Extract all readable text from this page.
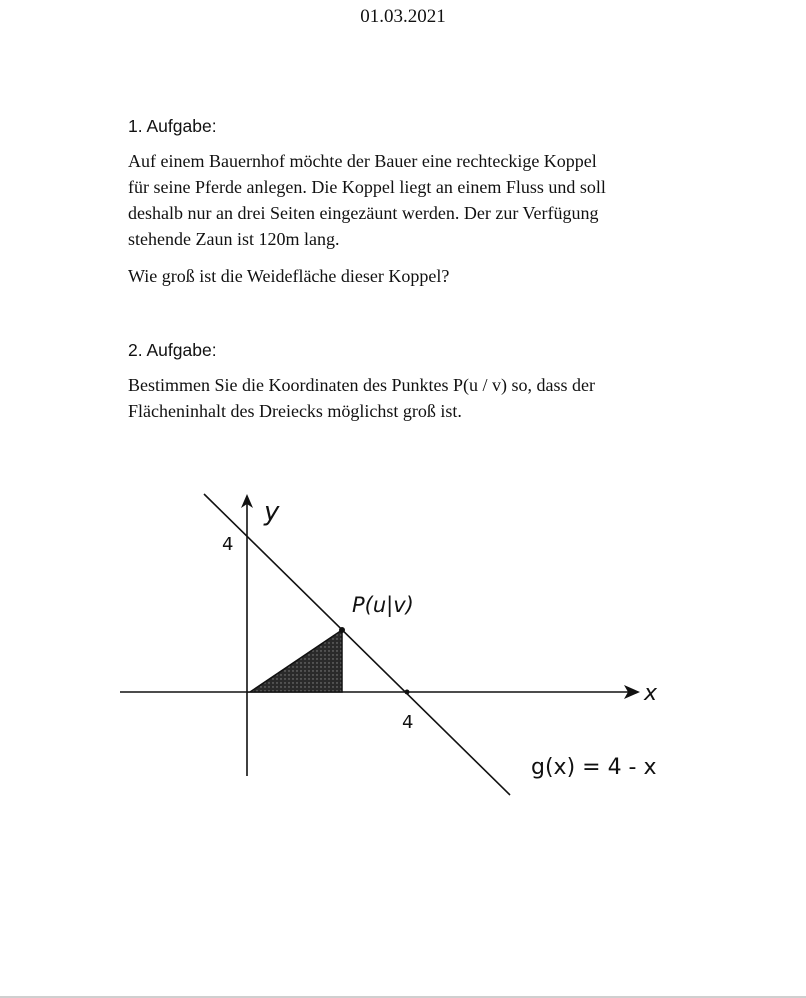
01.03.2021
1. Aufgabe:
Auf einem Bauernhof möchte der Bauer eine rechteckige Koppel
für seine Pferde anlegen. Die Koppel liegt an einem Fluss und soll
deshalb nur an drei Seiten eingezäunt werden. Der zur Verfügung
stehende Zaun ist 120m lang.
Wie groß ist die Weidefläche dieser Koppel?
2. Aufgabe:
Bestimmen Sie die Koordinaten des Punktes P(u / v) so, dass der
Flächeninhalt des Dreiecks möglichst groß ist.
y
x
4
4
P(u|v)
g(x) = 4 - x
